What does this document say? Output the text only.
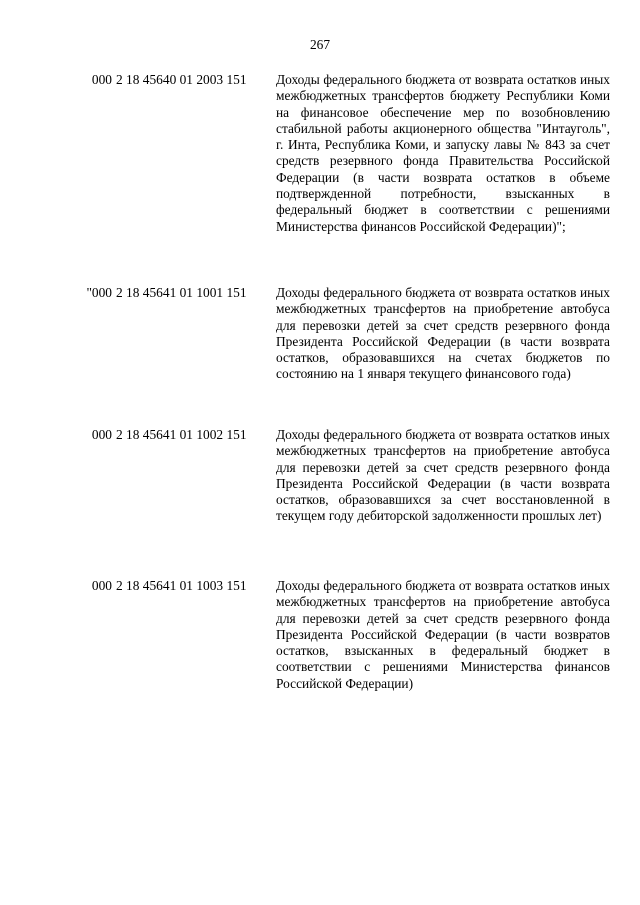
267
000 2 18 45640 01 2003 151	Доходы федерального бюджета от возврата остатков иных межбюджетных трансфертов бюджету Республики Коми на финансовое обеспечение мер по возобновлению стабильной работы акционерного общества "Интауголь", г. Инта, Республика Коми, и запуску лавы № 843 за счет средств резервного фонда Правительства Российской Федерации (в части возврата остатков в объеме подтвержденной потребности, взысканных в федеральный бюджет в соответствии с решениями Министерства финансов Российской Федерации)";
"000 2 18 45641 01 1001 151	Доходы федерального бюджета от возврата остатков иных межбюджетных трансфертов на приобретение автобуса для перевозки детей за счет средств резервного фонда Президента Российской Федерации (в части возврата остатков, образовавшихся на счетах бюджетов по состоянию на 1 января текущего финансового года)
000 2 18 45641 01 1002 151	Доходы федерального бюджета от возврата остатков иных межбюджетных трансфертов на приобретение автобуса для перевозки детей за счет средств резервного фонда Президента Российской Федерации (в части возврата остатков, образовавшихся за счет восстановленной в текущем году дебиторской задолженности прошлых лет)
000 2 18 45641 01 1003 151	Доходы федерального бюджета от возврата остатков иных межбюджетных трансфертов на приобретение автобуса для перевозки детей за счет средств резервного фонда Президента Российской Федерации (в части возвратов остатков, взысканных в федеральный бюджет в соответствии с решениями Министерства финансов Российской Федерации)
